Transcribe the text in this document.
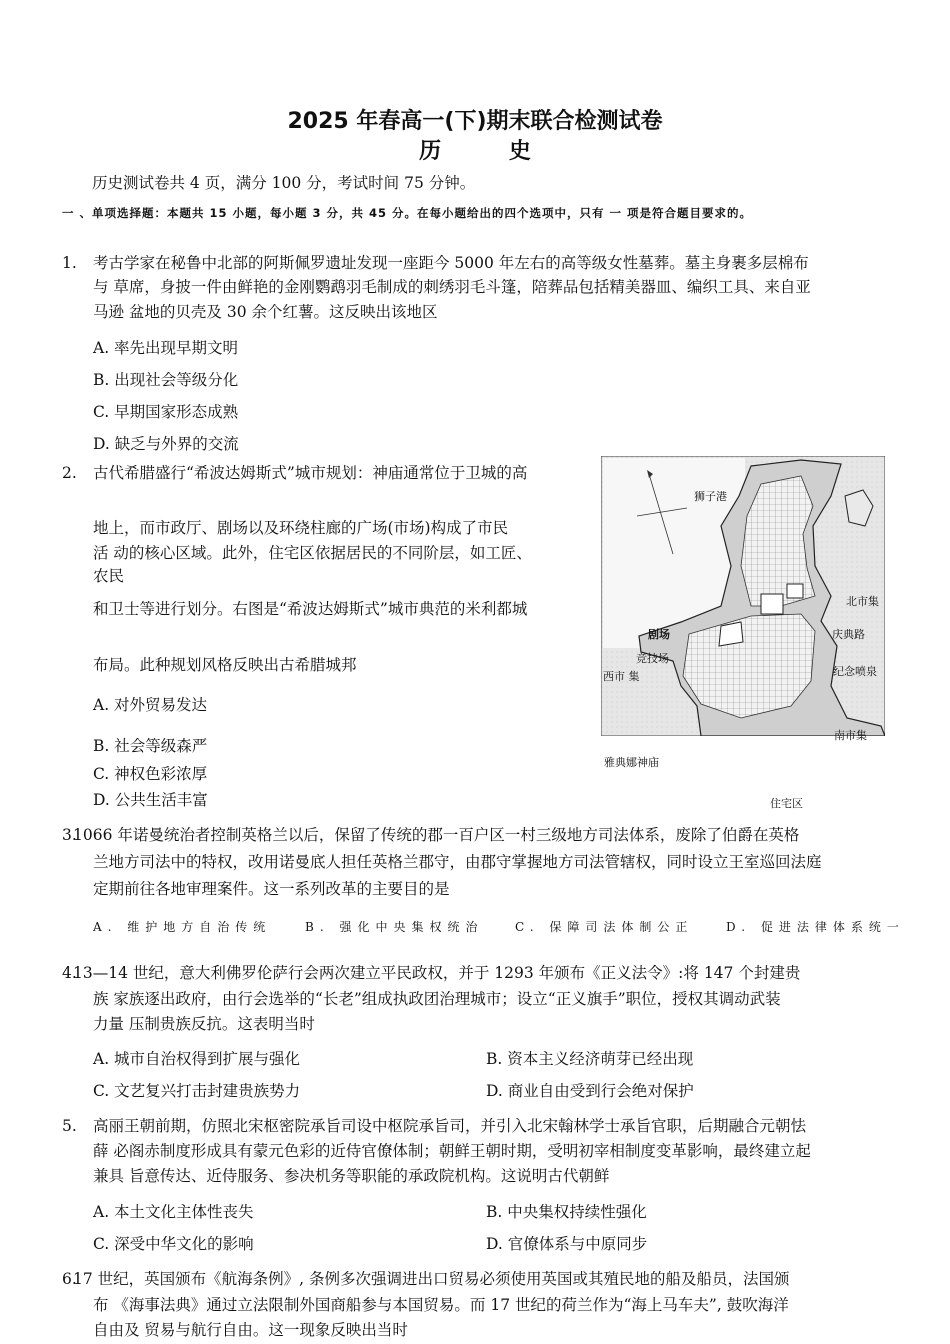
2025 年春高一(下)期末联合检测试卷
历 史
历史测试卷共 4 页，满分 100 分，考试时间 75 分钟。
一 、单项选择题：本题共 15 小题，每小题 3 分，共 45 分。在每小题给出的四个选项中，只有 一 项是符合题目要求的。
1. 考古学家在秘鲁中北部的阿斯佩罗遗址发现一座距今 5000 年左右的高等级女性墓葬。墓主身裹多层棉布
与 草席，身披一件由鲜艳的金刚鹦鹉羽毛制成的刺绣羽毛斗篷，陪葬品包括精美器皿、编织工具、来自亚
马逊 盆地的贝壳及 30 余个红薯。这反映出该地区
A. 率先出现早期文明
B. 出现社会等级分化
C. 早期国家形态成熟
D. 缺乏与外界的交流
2. 古代希腊盛行“希波达姆斯式”城市规划：神庙通常位于卫城的高
地上，而市政厅、剧场以及环绕柱廊的广场(市场)构成了市民
活 动的核心区域。此外，住宅区依据居民的不同阶层，如工匠、
农民
和卫士等进行划分。右图是“希波达姆斯式”城市典范的米利都城
布局。此种规划风格反映出古希腊城邦
A. 对外贸易发达
B. 社会等级森严
C. 神权色彩浓厚
D. 公共生活丰富
狮子港
北市集
庆典路
剧场
竞技场
西市 集	纪念喷泉
南市集
雅典娜神庙
住宅区
3.
1066 年诺曼统治者控制英格兰以后，保留了传统的郡一百户区一村三级地方司法体系，废除了伯爵在英格
兰地方司法中的特权，改用诺曼底人担任英格兰郡守，由郡守掌握地方司法管辖权，同时设立王室巡回法庭
定期前往各地审理案件。这一系列改革的主要目的是
A. 维护地方自治传统	B. 强化中央集权统治	C. 保障司法体制公正	D. 促进法律体系统一
4.
13—14 世纪，意大利佛罗伦萨行会两次建立平民政权，并于 1293 年颁布《正义法令》:将 147 个封建贵
族 家族逐出政府，由行会选举的“长老”组成执政团治理城市；设立“正义旗手”职位，授权其调动武装
力量 压制贵族反抗。这表明当时
A. 城市自治权得到扩展与强化	B. 资本主义经济萌芽已经出现
C. 文艺复兴打击封建贵族势力	D. 商业自由受到行会绝对保护
5. 高丽王朝前期，仿照北宋枢密院承旨司设中枢院承旨司，并引入北宋翰林学士承旨官职，后期融合元朝怯
薛 必阁赤制度形成具有蒙元色彩的近侍官僚体制；朝鲜王朝时期，受明初宰相制度变革影响，最终建立起
兼具 旨意传达、近侍服务、参决机务等职能的承政院机构。这说明古代朝鲜
A. 本土文化主体性丧失	B. 中央集权持续性强化
C. 深受中华文化的影响	D. 官僚体系与中原同步
6.
17 世纪，英国颁布《航海条例》, 条例多次强调进出口贸易必须使用英国或其殖民地的船及船员，法国颁
布 《海事法典》通过立法限制外国商船参与本国贸易。而 17 世纪的荷兰作为“海上马车夫”, 鼓吹海洋
自由及 贸易与航行自由。这一现象反映出当时
